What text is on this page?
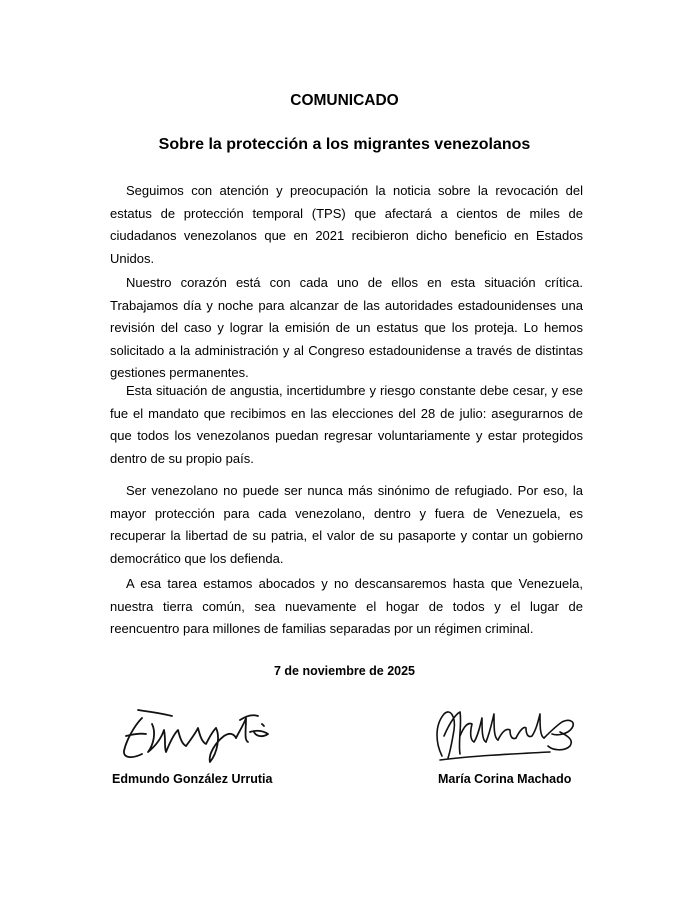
COMUNICADO
Sobre la protección a los migrantes venezolanos

Seguimos con atención y preocupación la noticia sobre la revocación del estatus de protección temporal (TPS) que afectará a cientos de miles de ciudadanos venezolanos que en 2021 recibieron dicho beneficio en Estados Unidos.

Nuestro corazón está con cada uno de ellos en esta situación crítica. Trabajamos día y noche para alcanzar de las autoridades estadounidenses una revisión del caso y lograr la emisión de un estatus que los proteja. Lo hemos solicitado a la administración y al Congreso estadounidense a través de distintas gestiones permanentes.

Esta situación de angustia, incertidumbre y riesgo constante debe cesar, y ese fue el mandato que recibimos en las elecciones del 28 de julio: asegurarnos de que todos los venezolanos puedan regresar voluntariamente y estar protegidos dentro de su propio país.

Ser venezolano no puede ser nunca más sinónimo de refugiado. Por eso, la mayor protección para cada venezolano, dentro y fuera de Venezuela, es recuperar la libertad de su patria, el valor de su pasaporte y contar un gobierno democrático que los defienda.

A esa tarea estamos abocados y no descansaremos hasta que Venezuela, nuestra tierra común, sea nuevamente el hogar de todos y el lugar de reencuentro para millones de familias separadas por un régimen criminal.

7 de noviembre de 2025

Edmundo González Urrutia	María Corina Machado
